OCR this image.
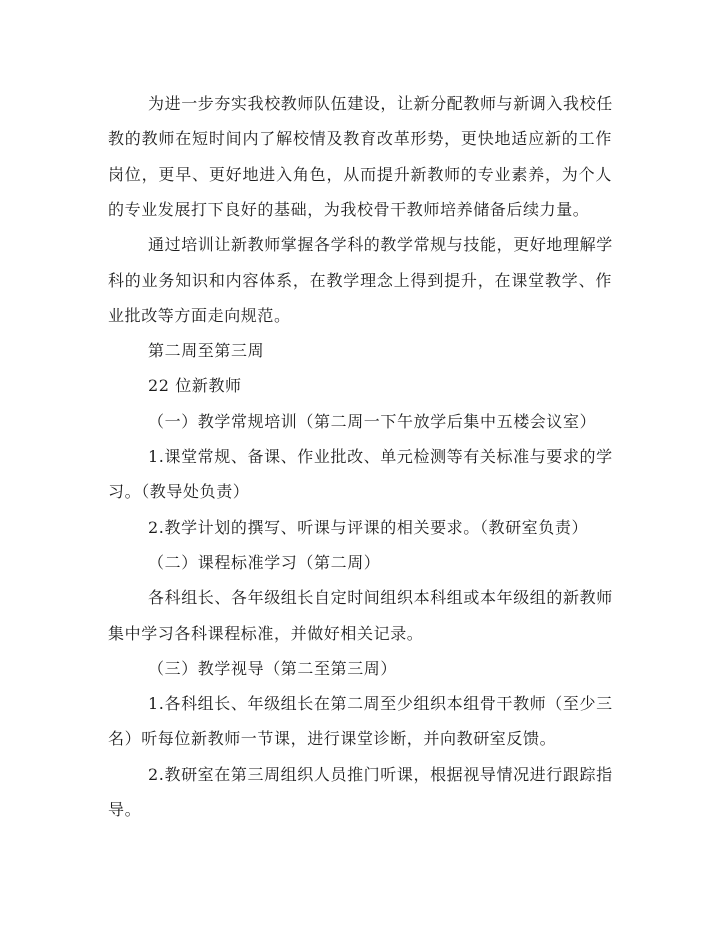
为进一步夯实我校教师队伍建设，让新分配教师与新调入我校任
教的教师在短时间内了解校情及教育改革形势，更快地适应新的工作
岗位，更早、更好地进入角色，从而提升新教师的专业素养，为个人
的专业发展打下良好的基础，为我校骨干教师培养储备后续力量。
通过培训让新教师掌握各学科的教学常规与技能，更好地理解学
科的业务知识和内容体系，在教学理念上得到提升，在课堂教学、作
业批改等方面走向规范。
第二周至第三周
22 位新教师
（一）教学常规培训（第二周一下午放学后集中五楼会议室）
1.课堂常规、备课、作业批改、单元检测等有关标准与要求的学
习。（教导处负责）
2.教学计划的撰写、听课与评课的相关要求。（教研室负责）
（二）课程标准学习（第二周）
各科组长、各年级组长自定时间组织本科组或本年级组的新教师
集中学习各科课程标准，并做好相关记录。
（三）教学视导（第二至第三周）
1.各科组长、年级组长在第二周至少组织本组骨干教师（至少三
名）听每位新教师一节课，进行课堂诊断，并向教研室反馈。
2.教研室在第三周组织人员推门听课，根据视导情况进行跟踪指
导。
